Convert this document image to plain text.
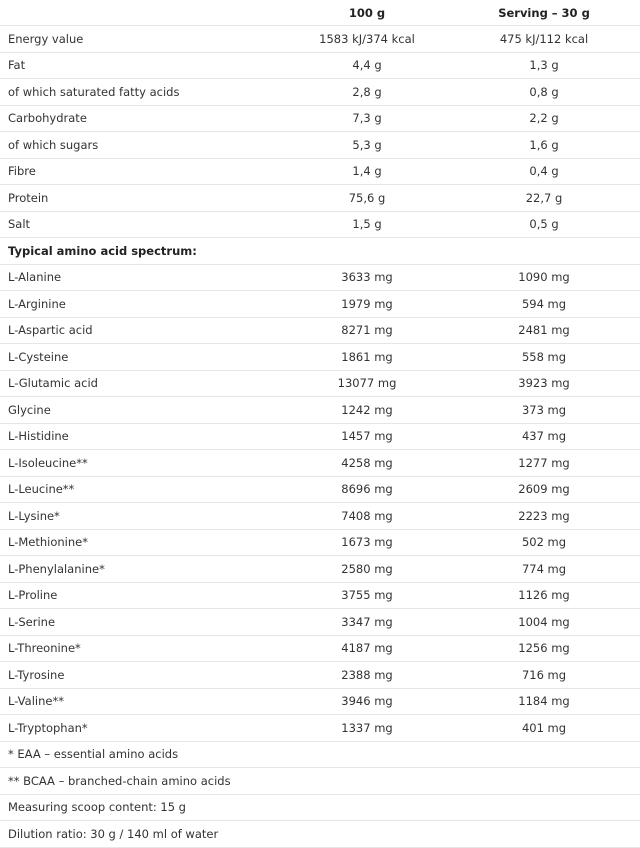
	100 g	Serving – 30 g
Energy value	1583 kJ/374 kcal	475 kJ/112 kcal
Fat	4,4 g	1,3 g
of which saturated fatty acids	2,8 g	0,8 g
Carbohydrate	7,3 g	2,2 g
of which sugars	5,3 g	1,6 g
Fibre	1,4 g	0,4 g
Protein	75,6 g	22,7 g
Salt	1,5 g	0,5 g
Typical amino acid spectrum:		
L-Alanine	3633 mg	1090 mg
L-Arginine	1979 mg	594 mg
L-Aspartic acid	8271 mg	2481 mg
L-Cysteine	1861 mg	558 mg
L-Glutamic acid	13077 mg	3923 mg
Glycine	1242 mg	373 mg
L-Histidine	1457 mg	437 mg
L-Isoleucine**	4258 mg	1277 mg
L-Leucine**	8696 mg	2609 mg
L-Lysine*	7408 mg	2223 mg
L-Methionine*	1673 mg	502 mg
L-Phenylalanine*	2580 mg	774 mg
L-Proline	3755 mg	1126 mg
L-Serine	3347 mg	1004 mg
L-Threonine*	4187 mg	1256 mg
L-Tyrosine	2388 mg	716 mg
L-Valine**	3946 mg	1184 mg
L-Tryptophan*	1337 mg	401 mg
* EAA – essential amino acids		
** BCAA – branched-chain amino acids		
Measuring scoop content: 15 g		
Dilution ratio: 30 g / 140 ml of water		
